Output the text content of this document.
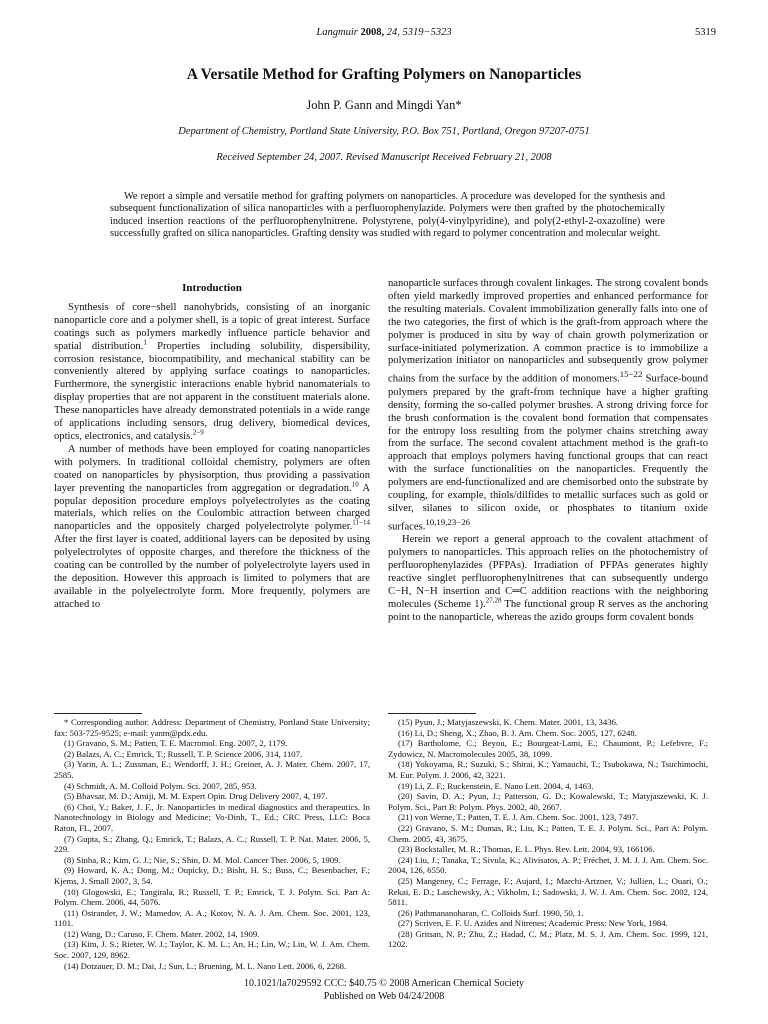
Langmuir 2008, 24, 5319−5323	5319
A Versatile Method for Grafting Polymers on Nanoparticles
John P. Gann and Mingdi Yan*
Department of Chemistry, Portland State University, P.O. Box 751, Portland, Oregon 97207-0751
Received September 24, 2007. Revised Manuscript Received February 21, 2008
We report a simple and versatile method for grafting polymers on nanoparticles. A procedure was developed for the synthesis and subsequent functionalization of silica nanoparticles with a perfluorophenylazide. Polymers were then grafted by the photochemically induced insertion reactions of the perfluorophenylnitrene. Polystyrene, poly(4-vinylpyridine), and poly(2-ethyl-2-oxazoline) were successfully grafted on silica nanoparticles. Grafting density was studied with regard to polymer concentration and molecular weight.
Introduction
Synthesis of core−shell nanohybrids, consisting of an inorganic nanoparticle core and a polymer shell, is a topic of great interest. Surface coatings such as polymers markedly influence particle behavior and spatial distribution.$^1$ Properties including solubility, dispersibility, corrosion resistance, biocompatibility, and mechanical stability can be conveniently altered by applying surface coatings to nanoparticles. Furthermore, the synergistic interactions enable hybrid nanomaterials to display properties that are not apparent in the constituent materials alone. These nanoparticles have already demonstrated potentials in a wide range of applications including sensors, drug delivery, biomedical devices, optics, electronics, and catalysis.$^{2-9}$
A number of methods have been employed for coating nanoparticles with polymers. In traditional colloidal chemistry, polymers are often coated on nanoparticles by physisorption, thus providing a passivation layer preventing the nanoparticles from aggregation or degradation.$^{10}$ A popular deposition procedure employs polyelectrolytes as the coating materials, which relies on the Coulombic attraction between charged nanoparticles and the oppositely charged polyelectrolyte polymer.$^{11-14}$ After the first layer is coated, additional layers can be deposited by using polyelectrolytes of opposite charges, and therefore the thickness of the coating can be controlled by the number of polyelectrolyte layers used in the deposition. However this approach is limited to polymers that are available in the polyelectrolyte form. More frequently, polymers are attached to
nanoparticle surfaces through covalent linkages. The strong covalent bonds often yield markedly improved properties and enhanced performance for the resulting materials. Covalent immobilization generally falls into one of the two categories, the first of which is the graft-from approach where the polymer is produced in situ by way of chain growth polymerization or surface-initiated polymerization. A common practice is to immobilize a polymerization initiator on nanoparticles and subsequently grow polymer chains from the surface by the addition of monomers.$^{15-22}$ Surface-bound polymers prepared by the graft-from technique have a higher grafting density, forming the so-called polymer brushes. A strong driving force for the brush conformation is the covalent bond formation that compensates for the entropy loss resulting from the polymer chains stretching away from the surface. The second covalent attachment method is the graft-to approach that employs polymers having functional groups that can react with the surface functionalities on the nanoparticles. Frequently the polymers are end-functionalized and are chemisorbed onto the substrate by coupling, for example, thiols/dilfides to metallic surfaces such as gold or silver, silanes to silicon oxide, or phosphates to titanium oxide surfaces.$^{10,19,23-26}$
Herein we report a general approach to the covalent attachment of polymers to nanoparticles. This approach relies on the photochemistry of perfluorophenylazides (PFPAs). Irradiation of PFPAs generates highly reactive singlet perfluorophenylnitrenes that can subsequently undergo C−H, N−H insertion and C═C addition reactions with the neighboring molecules (Scheme 1).$^{27,28}$ The functional group R serves as the anchoring point to the nanoparticle, whereas the azido groups form covalent bonds
* Corresponding author. Address: Department of Chemistry, Portland State University; fax: 503-725-9525; e-mail: yanm@pdx.edu.
(1) Gravano, S. M.; Patten, T. E. Macromol. Eng. 2007, 2, 1179.
(2) Balazs, A. C.; Emrick, T.; Russell, T. P. Science 2006, 314, 1107.
(3) Yarin, A. L.; Zussman, E.; Wendorff, J. H.; Greiner, A. J. Mater. Chem. 2007, 17, 2585.
(4) Schmidt, A. M. Colloid Polym. Sci. 2007, 285, 953.
(5) Bhavsar, M. D.; Amiji, M. M. Expert Opin. Drug Delivery 2007, 4, 197.
(6) Choi, Y.; Baker, J. F., Jr. Nanoparticles in medical diagnostics and therapeutics. In Nanotechnology in Biology and Medicine; Vo-Dinh, T., Ed.; CRC Press, LLC: Boca Raton, FL, 2007.
(7) Gupta, S.; Zhang, Q.; Emrick, T.; Balazs, A. C.; Russell, T. P. Nat. Mater. 2006, 5, 229.
(8) Sinha, R.; Kim, G. J.; Nie, S.; Shin, D. M. Mol. Cancer Ther. 2006, 5, 1909.
(9) Howard, K. A.; Dong, M.; Oupicky, D.; Bisht, H. S.; Buss, C.; Besenbacher, F.; Kjems, J. Small 2007, 3, 54.
(10) Glogowski, E.; Tangirala, R.; Russell, T. P.; Emrick, T. J. Polym. Sci. Part A: Polym. Chem. 2006, 44, 5076.
(11) Ostrander, J. W.; Mamedov, A. A.; Kotov, N. A. J. Am. Chem. Soc. 2001, 123, 1101.
(12) Wang, D.; Caruso, F. Chem. Mater. 2002, 14, 1909.
(13) Kim, J. S.; Rieter, W. J.; Taylor, K. M. L.; An, H.; Lin, W.; Lin, W. J. Am. Chem. Soc. 2007, 129, 8962.
(14) Dotzauer, D. M.; Dai, J.; Sun, L.; Bruening, M. L. Nano Lett. 2006, 6, 2268.
(15) Pyun, J.; Matyjaszewski, K. Chem. Mater. 2001, 13, 3436.
(16) Li, D.; Sheng, X.; Zhao, B. J. Am. Chem. Soc. 2005, 127, 6248.
(17) Bartholome, C.; Beyou, E.; Bourgeat-Lami, E.; Chaumont, P.; Lefebvre, F.; Zydowicz, N. Macromolecules 2005, 38, 1099.
(18) Yokoyama, R.; Suzuki, S.; Shirai, K.; Yamauchi, T.; Tsubokawa, N.; Tsuchimochi, M. Eur. Polym. J. 2006, 42, 3221.
(19) Li, Z. F.; Ruckenstein, E. Nano Lett. 2004, 4, 1463.
(20) Savin, D. A.; Pyun, J.; Patterson, G. D.; Kowalewski, T.; Matyjaszewski, K. J. Polym. Sci., Part B: Polym. Phys. 2002, 40, 2667.
(21) von Werne, T.; Patten, T. E. J. Am. Chem. Soc. 2001, 123, 7497.
(22) Gravano, S. M.; Dumas, R.; Liu, K.; Patten, T. E. J. Polym. Sci., Part A: Polym. Chem. 2005, 43, 3675.
(23) Bockstaller, M. R.; Thomas, E. L. Phys. Rev. Lett. 2004, 93, 166106.
(24) Liu, J.; Tanaka, T.; Sivula, K.; Alivisatos, A. P.; Fréchet, J. M. J. J. Am. Chem. Soc. 2004, 126, 6550.
(25) Mangeney, C.; Ferrage, F.; Aujard, I.; Marchi-Artzner, V.; Jullien, L.; Ouari, O.; Rekai, E. D.; Laschewsky, A.; Vikholm, I.; Sadowski, J. W. J. Am. Chem. Soc. 2002, 124, 5811.
(26) Pathmananoharan, C. Colloids Surf. 1990, 50, 1.
(27) Scriven, E. F. U. Azides and Nitrenes; Academic Press: New York, 1984.
(28) Gritsan, N. P.; Zhu, Z.; Hadad, C. M.; Platz, M. S. J. Am. Chem. Soc. 1999, 121, 1202.
10.1021/la7029592 CCC: $40.75 © 2008 American Chemical Society
Published on Web 04/24/2008
